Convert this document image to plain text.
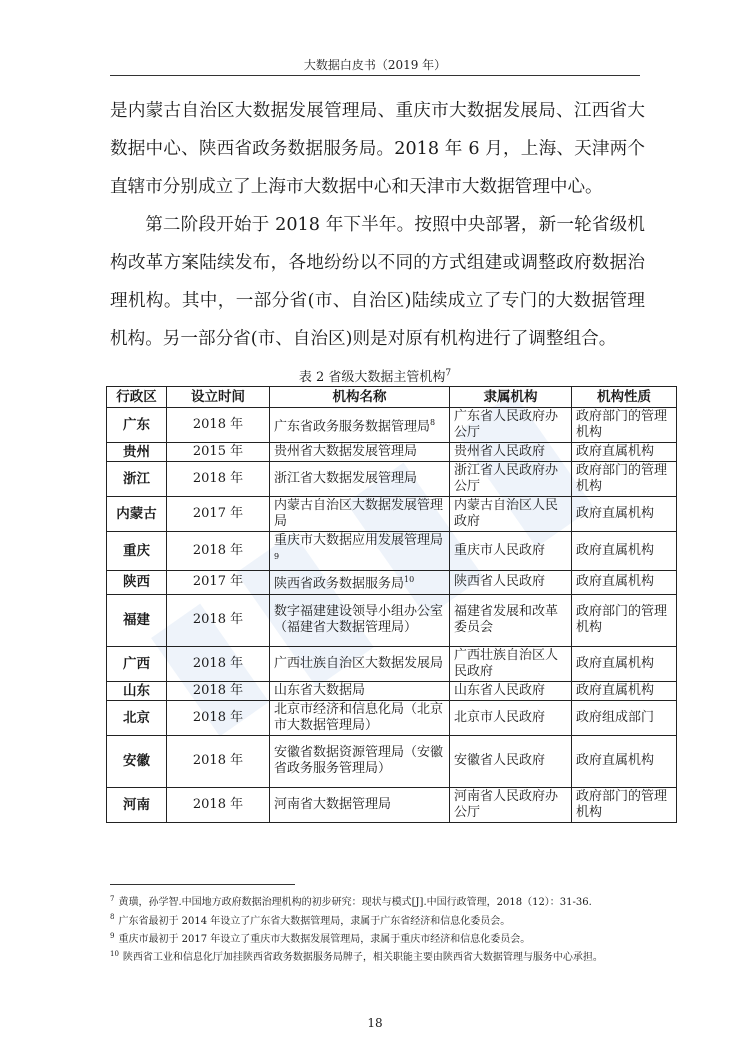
大数据白皮书（2019 年）

是内蒙古自治区大数据发展管理局、重庆市大数据发展局、江西省大数据中心、陕西省政务数据服务局。2018 年 6 月，上海、天津两个直辖市分别成立了上海市大数据中心和天津市大数据管理中心。

第二阶段开始于 2018 年下半年。按照中央部署，新一轮省级机构改革方案陆续发布，各地纷纷以不同的方式组建或调整政府数据治理机构。其中，一部分省(市、自治区)陆续成立了专门的大数据管理机构。另一部分省(市、自治区)则是对原有机构进行了调整组合。

表 2 省级大数据主管机构$^7$
行政区	设立时间	机构名称	隶属机构	机构性质
广东	2018 年	广东省政务服务数据管理局$^8$	广东省人民政府办公厅	政府部门的管理机构
贵州	2015 年	贵州省大数据发展管理局	贵州省人民政府	政府直属机构
浙江	2018 年	浙江省大数据发展管理局	浙江省人民政府办公厅	政府部门的管理机构
内蒙古	2017 年	内蒙古自治区大数据发展管理局	内蒙古自治区人民政府	政府直属机构
重庆	2018 年	重庆市大数据应用发展管理局$^9$	重庆市人民政府	政府直属机构
陕西	2017 年	陕西省政务数据服务局$^{10}$	陕西省人民政府	政府直属机构
福建	2018 年	数字福建建设领导小组办公室（福建省大数据管理局）	福建省发展和改革委员会	政府部门的管理机构
广西	2018 年	广西壮族自治区大数据发展局	广西壮族自治区人民政府	政府直属机构
山东	2018 年	山东省大数据局	山东省人民政府	政府直属机构
北京	2018 年	北京市经济和信息化局（北京市大数据管理局）	北京市人民政府	政府组成部门
安徽	2018 年	安徽省数据资源管理局（安徽省政务服务管理局）	安徽省人民政府	政府直属机构
河南	2018 年	河南省大数据管理局	河南省人民政府办公厅	政府部门的管理机构
$^7$ 黄璜，孙学智.中国地方政府数据治理机构的初步研究：现状与模式[J].中国行政管理，2018（12）：31-36.
$^8$ 广东省最初于 2014 年设立了广东省大数据管理局，隶属于广东省经济和信息化委员会。
$^9$ 重庆市最初于 2017 年设立了重庆市大数据发展管理局，隶属于重庆市经济和信息化委员会。
$^{10}$ 陕西省工业和信息化厅加挂陕西省政务数据服务局牌子，相关职能主要由陕西省大数据管理与服务中心承担。
18
